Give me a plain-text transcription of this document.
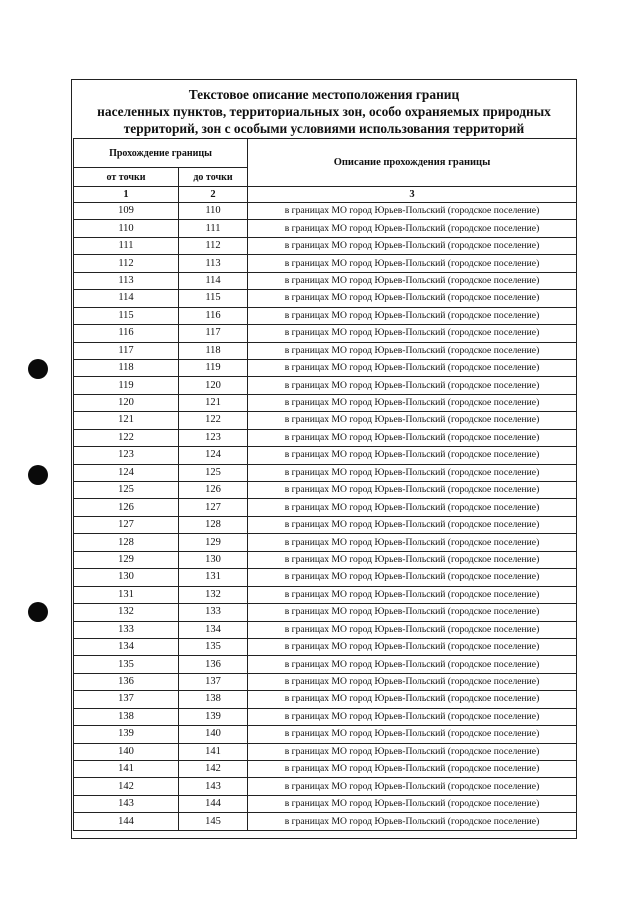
Текстовое описание местоположения границ
населенных пунктов, территориальных зон, особо охраняемых природных
территорий, зон с особыми условиями использования территорий
Прохождение границы		Описание прохождения границы
от точки	до точки	
1	2	3
109	110	в границах МО город Юрьев-Польский (городское поселение)
110	111	в границах МО город Юрьев-Польский (городское поселение)
111	112	в границах МО город Юрьев-Польский (городское поселение)
112	113	в границах МО город Юрьев-Польский (городское поселение)
113	114	в границах МО город Юрьев-Польский (городское поселение)
114	115	в границах МО город Юрьев-Польский (городское поселение)
115	116	в границах МО город Юрьев-Польский (городское поселение)
116	117	в границах МО город Юрьев-Польский (городское поселение)
117	118	в границах МО город Юрьев-Польский (городское поселение)
118	119	в границах МО город Юрьев-Польский (городское поселение)
119	120	в границах МО город Юрьев-Польский (городское поселение)
120	121	в границах МО город Юрьев-Польский (городское поселение)
121	122	в границах МО город Юрьев-Польский (городское поселение)
122	123	в границах МО город Юрьев-Польский (городское поселение)
123	124	в границах МО город Юрьев-Польский (городское поселение)
124	125	в границах МО город Юрьев-Польский (городское поселение)
125	126	в границах МО город Юрьев-Польский (городское поселение)
126	127	в границах МО город Юрьев-Польский (городское поселение)
127	128	в границах МО город Юрьев-Польский (городское поселение)
128	129	в границах МО город Юрьев-Польский (городское поселение)
129	130	в границах МО город Юрьев-Польский (городское поселение)
130	131	в границах МО город Юрьев-Польский (городское поселение)
131	132	в границах МО город Юрьев-Польский (городское поселение)
132	133	в границах МО город Юрьев-Польский (городское поселение)
133	134	в границах МО город Юрьев-Польский (городское поселение)
134	135	в границах МО город Юрьев-Польский (городское поселение)
135	136	в границах МО город Юрьев-Польский (городское поселение)
136	137	в границах МО город Юрьев-Польский (городское поселение)
137	138	в границах МО город Юрьев-Польский (городское поселение)
138	139	в границах МО город Юрьев-Польский (городское поселение)
139	140	в границах МО город Юрьев-Польский (городское поселение)
140	141	в границах МО город Юрьев-Польский (городское поселение)
141	142	в границах МО город Юрьев-Польский (городское поселение)
142	143	в границах МО город Юрьев-Польский (городское поселение)
143	144	в границах МО город Юрьев-Польский (городское поселение)
144	145	в границах МО город Юрьев-Польский (городское поселение)
